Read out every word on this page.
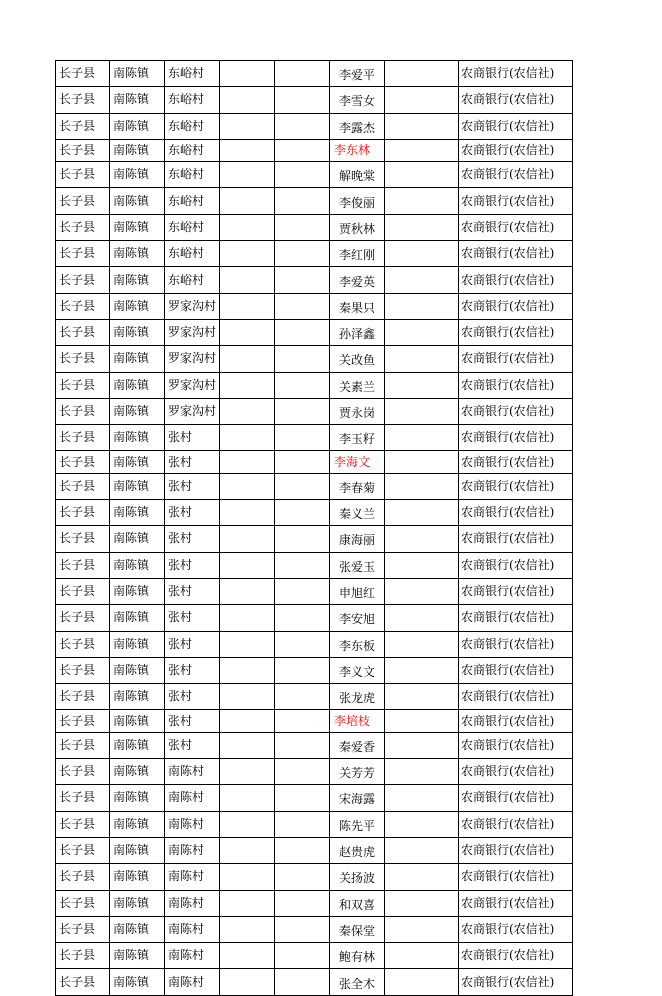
长子县	南陈镇	东峪村			李爱平		农商银行(农信社)
长子县	南陈镇	东峪村			李雪女		农商银行(农信社)
长子县	南陈镇	东峪村			李露杰		农商银行(农信社)
长子县	南陈镇	东峪村			李东林		农商银行(农信社)
长子县	南陈镇	东峪村			解晚棠		农商银行(农信社)
长子县	南陈镇	东峪村			李俊丽		农商银行(农信社)
长子县	南陈镇	东峪村			贾秋林		农商银行(农信社)
长子县	南陈镇	东峪村			李红刚		农商银行(农信社)
长子县	南陈镇	东峪村			李爱英		农商银行(农信社)
长子县	南陈镇	罗家沟村			秦果只		农商银行(农信社)
长子县	南陈镇	罗家沟村			孙泽鑫		农商银行(农信社)
长子县	南陈镇	罗家沟村			关改鱼		农商银行(农信社)
长子县	南陈镇	罗家沟村			关素兰		农商银行(农信社)
长子县	南陈镇	罗家沟村			贾永岗		农商银行(农信社)
长子县	南陈镇	张村			李玉籽		农商银行(农信社)
长子县	南陈镇	张村			李海文		农商银行(农信社)
长子县	南陈镇	张村			李春菊		农商银行(农信社)
长子县	南陈镇	张村			秦义兰		农商银行(农信社)
长子县	南陈镇	张村			康海丽		农商银行(农信社)
长子县	南陈镇	张村			张爱玉		农商银行(农信社)
长子县	南陈镇	张村			申旭红		农商银行(农信社)
长子县	南陈镇	张村			李安旭		农商银行(农信社)
长子县	南陈镇	张村			李东板		农商银行(农信社)
长子县	南陈镇	张村			李义文		农商银行(农信社)
长子县	南陈镇	张村			张龙虎		农商银行(农信社)
长子县	南陈镇	张村			李培枝		农商银行(农信社)
长子县	南陈镇	张村			秦爱香		农商银行(农信社)
长子县	南陈镇	南陈村			关芳芳		农商银行(农信社)
长子县	南陈镇	南陈村			宋海露		农商银行(农信社)
长子县	南陈镇	南陈村			陈先平		农商银行(农信社)
长子县	南陈镇	南陈村			赵贵虎		农商银行(农信社)
长子县	南陈镇	南陈村			关扬波		农商银行(农信社)
长子县	南陈镇	南陈村			和双喜		农商银行(农信社)
长子县	南陈镇	南陈村			秦保堂		农商银行(农信社)
长子县	南陈镇	南陈村			鲍有林		农商银行(农信社)
长子县	南陈镇	南陈村			张全木		农商银行(农信社)
